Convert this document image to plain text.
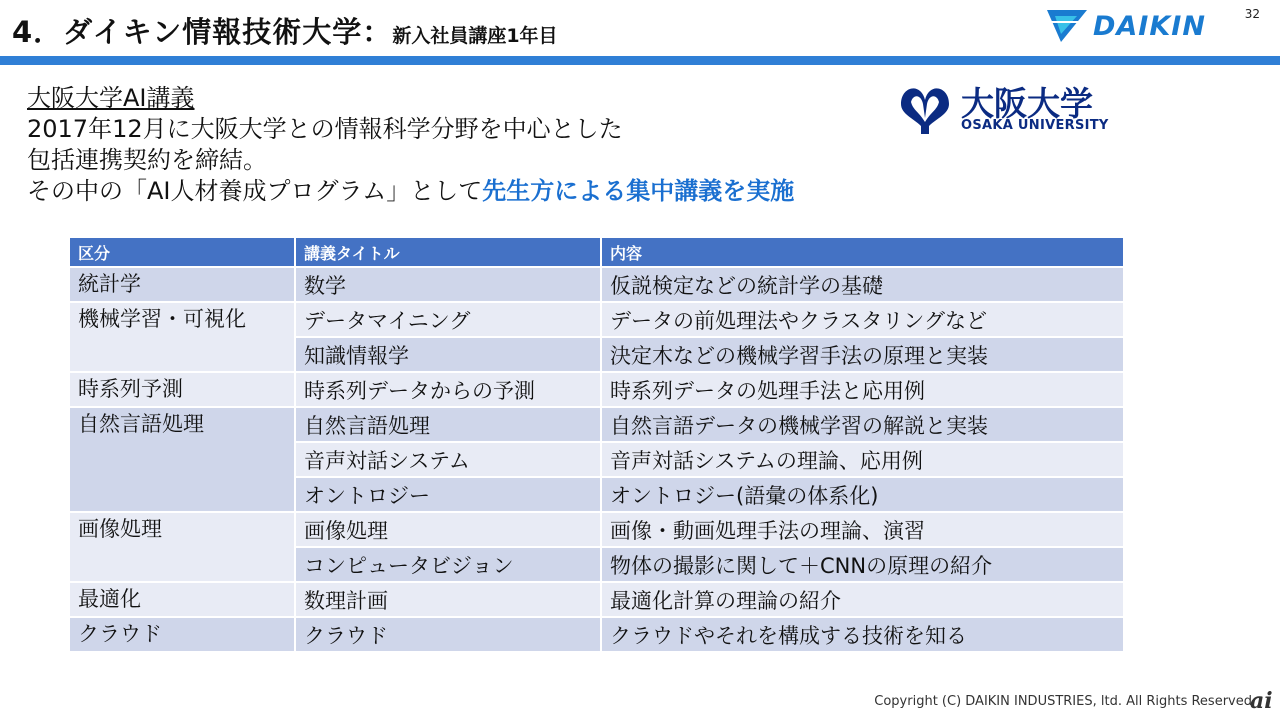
32
4．ダイキン情報技術大学：新入社員講座1年目	DAIKIN
大阪大学AI講義
2017年12月に大阪大学との情報科学分野を中心とした
包括連携契約を締結。
その中の「AI人材養成プログラム」として先生方による集中講義を実施
大阪大学
OSAKA UNIVERSITY
区分	講義タイトル	内容
統計学	数学	仮説検定などの統計学の基礎
機械学習・可視化	データマイニング	データの前処理法やクラスタリングなど
	知識情報学	決定木などの機械学習手法の原理と実装
時系列予測	時系列データからの予測	時系列データの処理手法と応用例
自然言語処理	自然言語処理	自然言語データの機械学習の解説と実装
	音声対話システム	音声対話システムの理論、応用例
	オントロジー	オントロジー(語彙の体系化)
画像処理	画像処理	画像・動画処理手法の理論、演習
	コンピュータビジョン	物体の撮影に関して＋CNNの原理の紹介
最適化	数理計画	最適化計算の理論の紹介
クラウド	クラウド	クラウドやそれを構成する技術を知る
Copyright (C) DAIKIN INDUSTRIES, ltd. All Rights Reserved
ai
